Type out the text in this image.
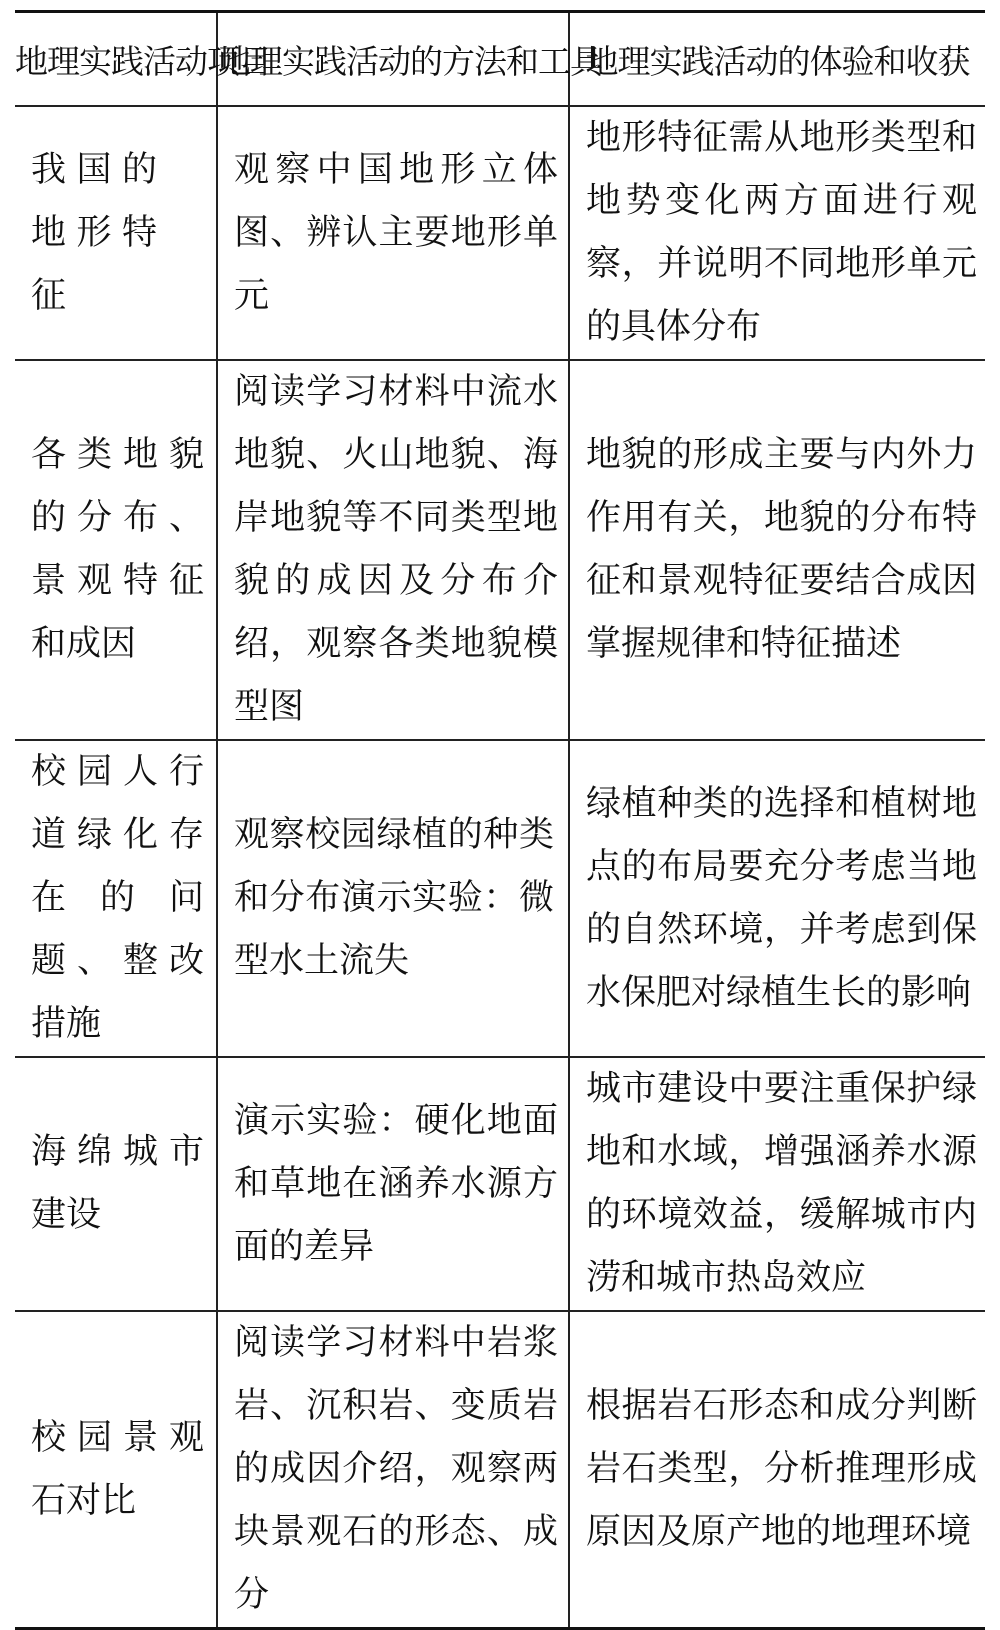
地理实践活动项目	地理实践活动的方法和工具	地理实践活动的体验和收获

我国的地形特征	观察中国地形立体图、辨认主要地形单元	地形特征需从地形类型和地势变化两方面进行观察，并说明不同地形单元的具体分布

各类地貌的分布、景观特征和成因	阅读学习材料中流水地貌、火山地貌、海岸地貌等不同类型地貌的成因及分布介绍，观察各类地貌模型图	地貌的形成主要与内外力作用有关，地貌的分布特征和景观特征要结合成因掌握规律和特征描述

校园人行道绿化存在的问题、整改措施	观察校园绿植的种类和分布演示实验：微型水土流失	绿植种类的选择和植树地点的布局要充分考虑当地的自然环境，并考虑到保水保肥对绿植生长的影响

海绵城市建设	演示实验：硬化地面和草地在涵养水源方面的差异	城市建设中要注重保护绿地和水域，增强涵养水源的环境效益，缓解城市内涝和城市热岛效应

校园景观石对比	阅读学习材料中岩浆岩、沉积岩、变质岩的成因介绍，观察两块景观石的形态、成分	根据岩石形态和成分判断岩石类型，分析推理形成原因及原产地的地理环境
